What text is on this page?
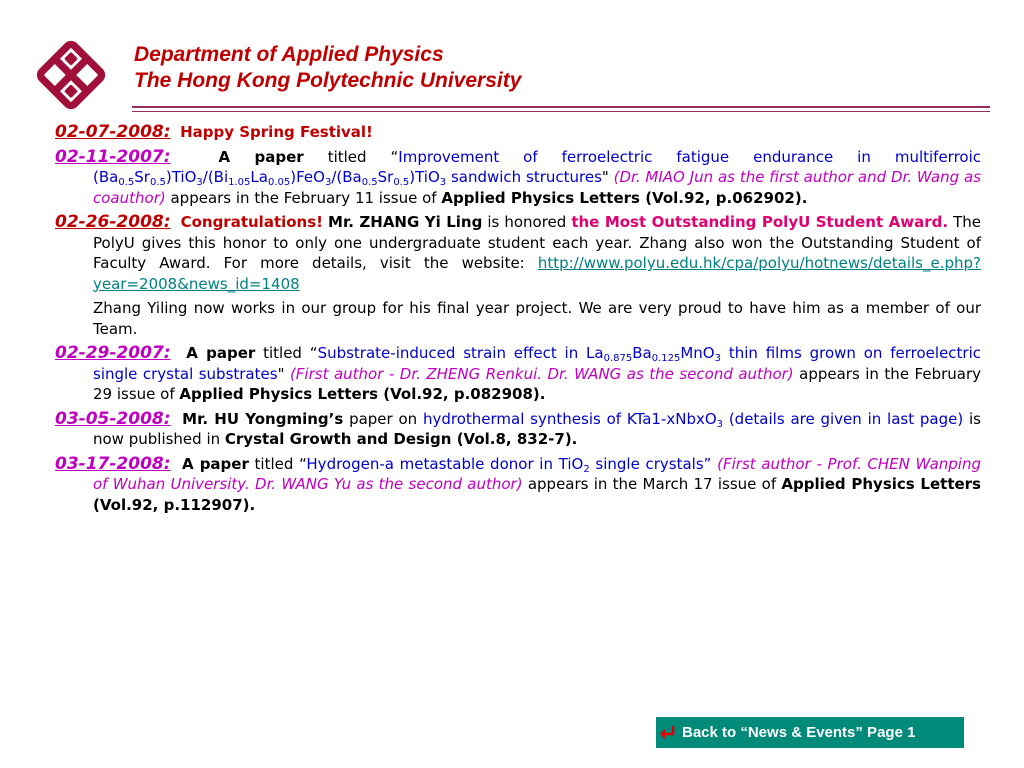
Department of Applied Physics
The Hong Kong Polytechnic University

02-07-2008: Happy Spring Festival!

02-11-2007:	A paper titled “Improvement of ferroelectric fatigue endurance in multiferroic $(Ba_{0.5}Sr_{0.5})TiO_3/(Bi_{1.05}La_{0.05})FeO_3/(Ba_{0.5}Sr_{0.5})TiO_3$ sandwich structures" (Dr. MIAO Jun as the first author and Dr. Wang as coauthor) appears in the February 11 issue of Applied Physics Letters (Vol.92, p.062902).

02-26-2008: Congratulations! Mr. ZHANG Yi Ling is honored the Most Outstanding PolyU Student Award. The PolyU gives this honor to only one undergraduate student each year. Zhang also won the Outstanding Student of Faculty Award. For more details, visit the website: http://www.polyu.edu.hk/cpa/polyu/hotnews/details_e.php?year=2008&news_id=1408

Zhang Yiling now works in our group for his final year project. We are very proud to have him as a member of our Team.

02-29-2007: A paper titled “Substrate-induced strain effect in $La_{0.875}Ba_{0.125}MnO_3$ thin films grown on ferroelectric single crystal substrates" (First author - Dr. ZHENG Renkui. Dr. WANG as the second author) appears in the February 29 issue of Applied Physics Letters (Vol.92, p.082908).

03-05-2008: Mr. HU Yongming’s paper on hydrothermal synthesis of KTa1-xNbxO$_3$ (details are given in last page) is now published in Crystal Growth and Design (Vol.8, 832-7).

03-17-2008: A paper titled “Hydrogen-a metastable donor in TiO$_2$ single crystals” (First author - Prof. CHEN Wanping of Wuhan University. Dr. WANG Yu as the second author) appears in the March 17 issue of Applied Physics Letters (Vol.92, p.112907).

Back to “News & Events” Page 1
